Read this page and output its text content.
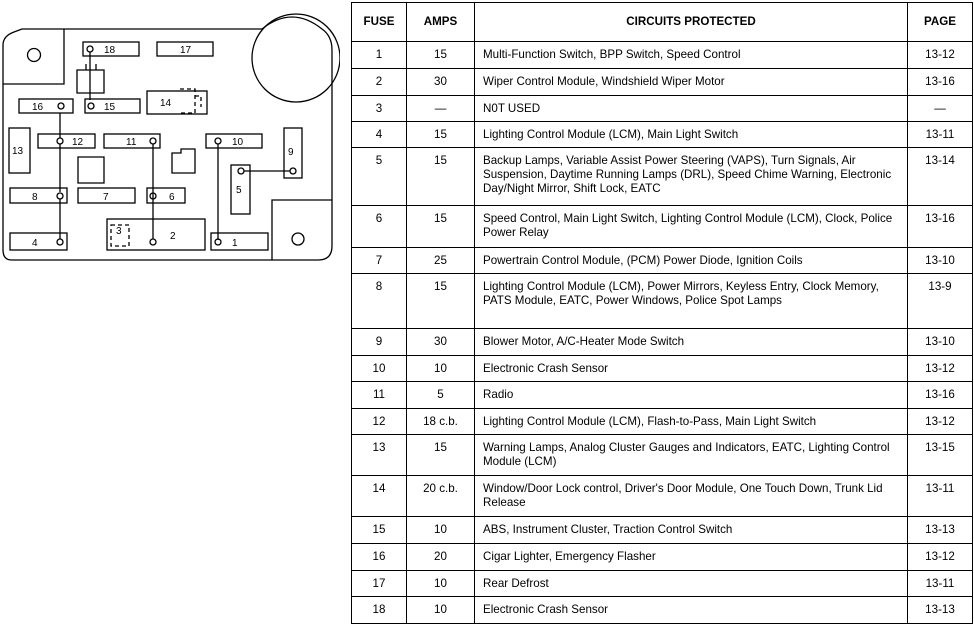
18	17
15
16	14
13
12	11	10
9
5
8	7	6
4
2
3
1
FUSE	AMPS	CIRCUITS PROTECTED	PAGE
1	15	Multi-Function Switch, BPP Switch, Speed Control	13-12
2	30	Wiper Control Module, Windshield Wiper Motor	13-16
3	—	N0T USED	—
4	15	Lighting Control Module (LCM), Main Light Switch	13-11
5	15	Backup Lamps, Variable Assist Power Steering (VAPS), Turn Signals, Air Suspension, Daytime Running Lamps (DRL), Speed Chime Warning, Electronic Day/Night Mirror, Shift Lock, EATC	13-14
6	15	Speed Control, Main Light Switch, Lighting Control Module (LCM), Clock, Police Power Relay	13-16
7	25	Powertrain Control Module, (PCM) Power Diode, Ignition Coils	13-10
8	15	Lighting Control Module (LCM), Power Mirrors, Keyless Entry, Clock Memory, PATS Module, EATC, Power Windows, Police Spot Lamps	13-9
9	30	Blower Motor, A/C-Heater Mode Switch	13-10
10	10	Electronic Crash Sensor	13-12
11	5	Radio	13-16
12	18 c.b.	Lighting Control Module (LCM), Flash-to-Pass, Main Light Switch	13-12
13	15	Warning Lamps, Analog Cluster Gauges and Indicators, EATC, Lighting Control Module (LCM)	13-15
14	20 c.b.	Window/Door Lock control, Driver's Door Module, One Touch Down, Trunk Lid Release	13-11
15	10	ABS, Instrument Cluster, Traction Control Switch	13-13
16	20	Cigar Lighter, Emergency Flasher	13-12
17	10	Rear Defrost	13-11
18	10	Electronic Crash Sensor	13-13
